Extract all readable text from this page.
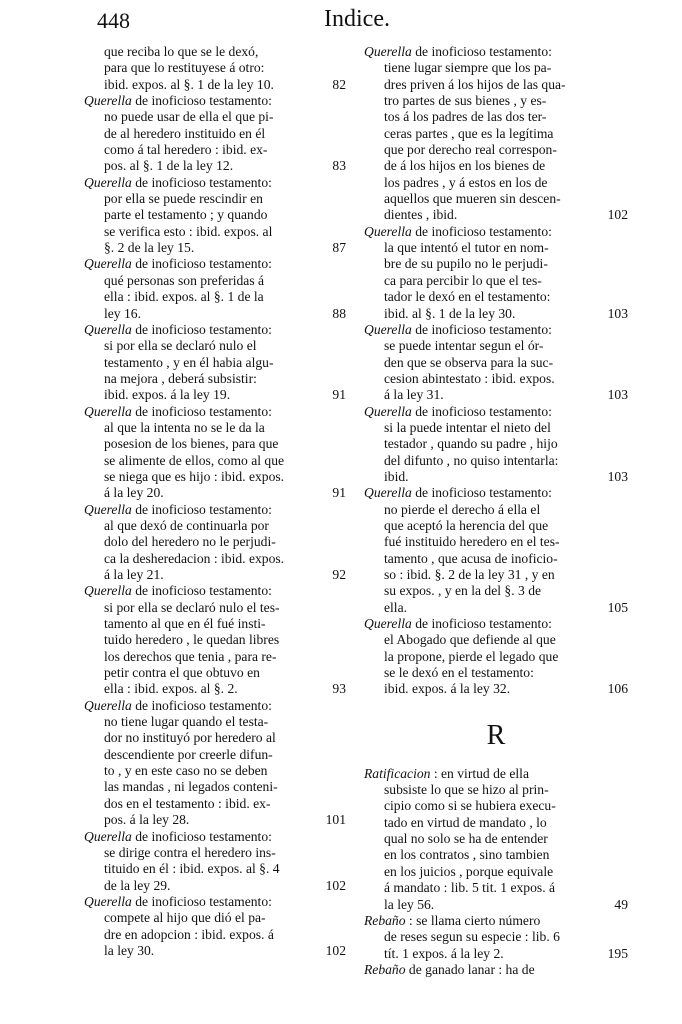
448	Indice.

que reciba lo que se le dexó,

para que lo restituyese á otro:

ibid. expos. al §. 1 de la ley 10.	82

Querella de inoficioso testamento:

no puede usar de ella el que pi-

de al heredero instituido en él

como á tal heredero : ibid. ex-

pos. al §. 1 de la ley 12.	83

Querella de inoficioso testamento:

por ella se puede rescindir en

parte el testamento ; y quando

se verifica esto : ibid. expos. al

§. 2 de la ley 15.	87

Querella de inoficioso testamento:

qué personas son preferidas á

ella : ibid. expos. al §. 1 de la

ley 16.	88

Querella de inoficioso testamento:

si por ella se declaró nulo el

testamento , y en él habia algu-

na mejora , deberá subsistir:

ibid. expos. á la ley 19.	91

Querella de inoficioso testamento:

al que la intenta no se le da la

posesion de los bienes, para que

se alimente de ellos, como al que

se niega que es hijo : ibid. expos.

á la ley 20.	91

Querella de inoficioso testamento:

al que dexó de continuarla por

dolo del heredero no le perjudi-

ca la desheredacion : ibid. expos.

á la ley 21.	92

Querella de inoficioso testamento:

si por ella se declaró nulo el tes-

tamento al que en él fué insti-

tuido heredero , le quedan libres

los derechos que tenia , para re-

petir contra el que obtuvo en

ella : ibid. expos. al §. 2.	93

Querella de inoficioso testamento:

no tiene lugar quando el testa-

dor no instituyó por heredero al

descendiente por creerle difun-

to , y en este caso no se deben

las mandas , ni legados conteni-

dos en el testamento : ibid. ex-

pos. á la ley 28.	101

Querella de inoficioso testamento:

se dirige contra el heredero ins-

tituido en él : ibid. expos. al §. 4

de la ley 29.	102

Querella de inoficioso testamento:

compete al hijo que dió el pa-

dre en adopcion : ibid. expos. á

la ley 30.	102

Querella de inoficioso testamento:

tiene lugar siempre que los pa-

dres priven á los hijos de las qua-

tro partes de sus bienes , y es-

tos á los padres de las dos ter-

ceras partes , que es la legítima

que por derecho real correspon-

de á los hijos en los bienes de

los padres , y á estos en los de

aquellos que mueren sin descen-

dientes , ibid.	102

Querella de inoficioso testamento:

la que intentó el tutor en nom-

bre de su pupilo no le perjudi-

ca para percibir lo que el tes-

tador le dexó en el testamento:

ibid. al §. 1 de la ley 30.	103

Querella de inoficioso testamento:

se puede intentar segun el ór-

den que se observa para la suc-

cesion abintestato : ibid. expos.

á la ley 31.	103

Querella de inoficioso testamento:

si la puede intentar el nieto del

testador , quando su padre , hijo

del difunto , no quiso intentarla:

ibid.	103

Querella de inoficioso testamento:

no pierde el derecho á ella el

que aceptó la herencia del que

fué instituido heredero en el tes-

tamento , que acusa de inoficio-

so : ibid. §. 2 de la ley 31 , y en

su expos. , y en la del §. 3 de

ella.	105

Querella de inoficioso testamento:

el Abogado que defiende al que

la propone, pierde el legado que

se le dexó en el testamento:

ibid. expos. á la ley 32.	106
R

Ratificacion : en virtud de ella

subsiste lo que se hizo al prin-

cipio como si se hubiera execu-

tado en virtud de mandato , lo

qual no solo se ha de entender

en los contratos , sino tambien

en los juicios , porque equivale

á mandato : lib. 5 tit. 1 expos. á

la ley 56.	49

Rebaño : se llama cierto número

de reses segun su especie : lib. 6

tít. 1 expos. á la ley 2.	195

Rebaño de ganado lanar : ha de
